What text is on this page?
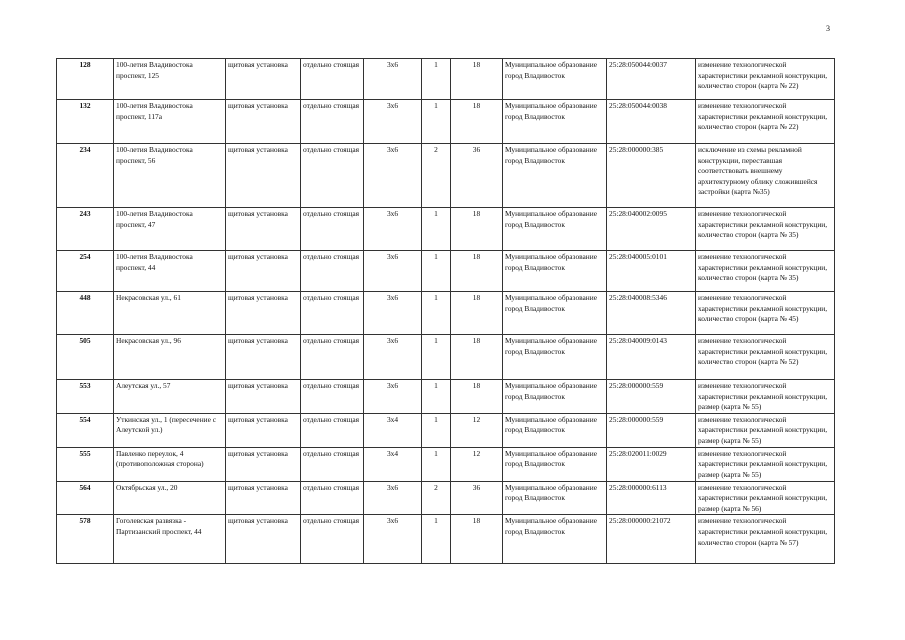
3
128	100-летия Владивостока проспект, 125	щитовая установка	отдельно стоящая	3х6	1	18	Муниципальное образование город Владивосток	25:28:050044:0037	изменение технологической характеристики рекламной конструкции, количество сторон (карта № 22)
132	100-летия Владивостока проспект, 117а	щитовая установка	отдельно стоящая	3х6	1	18	Муниципальное образование город Владивосток	25:28:050044:0038	изменение технологической характеристики рекламной конструкции, количество сторон (карта № 22)
234	100-летия Владивостока проспект, 56	щитовая установка	отдельно стоящая	3х6	2	36	Муниципальное образование город Владивосток	25:28:000000:385	исключение из схемы рекламной конструкции, переставшая соответствовать внешнему архитектурному облику сложившейся застройки (карта №35)
243	100-летия Владивостока проспект, 47	щитовая установка	отдельно стоящая	3х6	1	18	Муниципальное образование город Владивосток	25:28:040002:0095	изменение технологической характеристики рекламной конструкции, количество сторон (карта № 35)
254	100-летия Владивостока проспект, 44	щитовая установка	отдельно стоящая	3х6	1	18	Муниципальное образование город Владивосток	25:28:040005:0101	изменение технологической характеристики рекламной конструкции, количество сторон (карта № 35)
448	Некрасовская ул., 61	щитовая установка	отдельно стоящая	3х6	1	18	Муниципальное образование город Владивосток	25:28:040008:5346	изменение технологической характеристики рекламной конструкции, количество сторон (карта № 45)
505	Некрасовская ул., 96	щитовая установка	отдельно стоящая	3х6	1	18	Муниципальное образование город Владивосток	25:28:040009:0143	изменение технологической характеристики рекламной конструкции, количество сторон (карта № 52)
553	Алеутская ул., 57	щитовая установка	отдельно стоящая	3х6	1	18	Муниципальное образование город Владивосток	25:28:000000:559	изменение технологической характеристики рекламной конструкции, размер (карта № 55)
554	Уткинская ул., 1 (пересечение с Алеутской ул.)	щитовая установка	отдельно стоящая	3х4	1	12	Муниципальное образование город Владивосток	25:28:000000:559	изменение технологической характеристики рекламной конструкции, размер (карта № 55)
555	Павленко переулок, 4 (противоположная сторона)	щитовая установка	отдельно стоящая	3х4	1	12	Муниципальное образование город Владивосток	25:28:020011:0029	изменение технологической характеристики рекламной конструкции, размер (карта № 55)
564	Октябрьская ул., 20	щитовая установка	отдельно стоящая	3х6	2	36	Муниципальное образование город Владивосток	25:28:000000:6113	изменение технологической характеристики рекламной конструкции, размер (карта № 56)
578	Гоголевская развязка - Партизанский проспект, 44	щитовая установка	отдельно стоящая	3х6	1	18	Муниципальное образование город Владивосток	25:28:000000:21072	изменение технологической характеристики рекламной конструкции, количество сторон (карта № 57)
